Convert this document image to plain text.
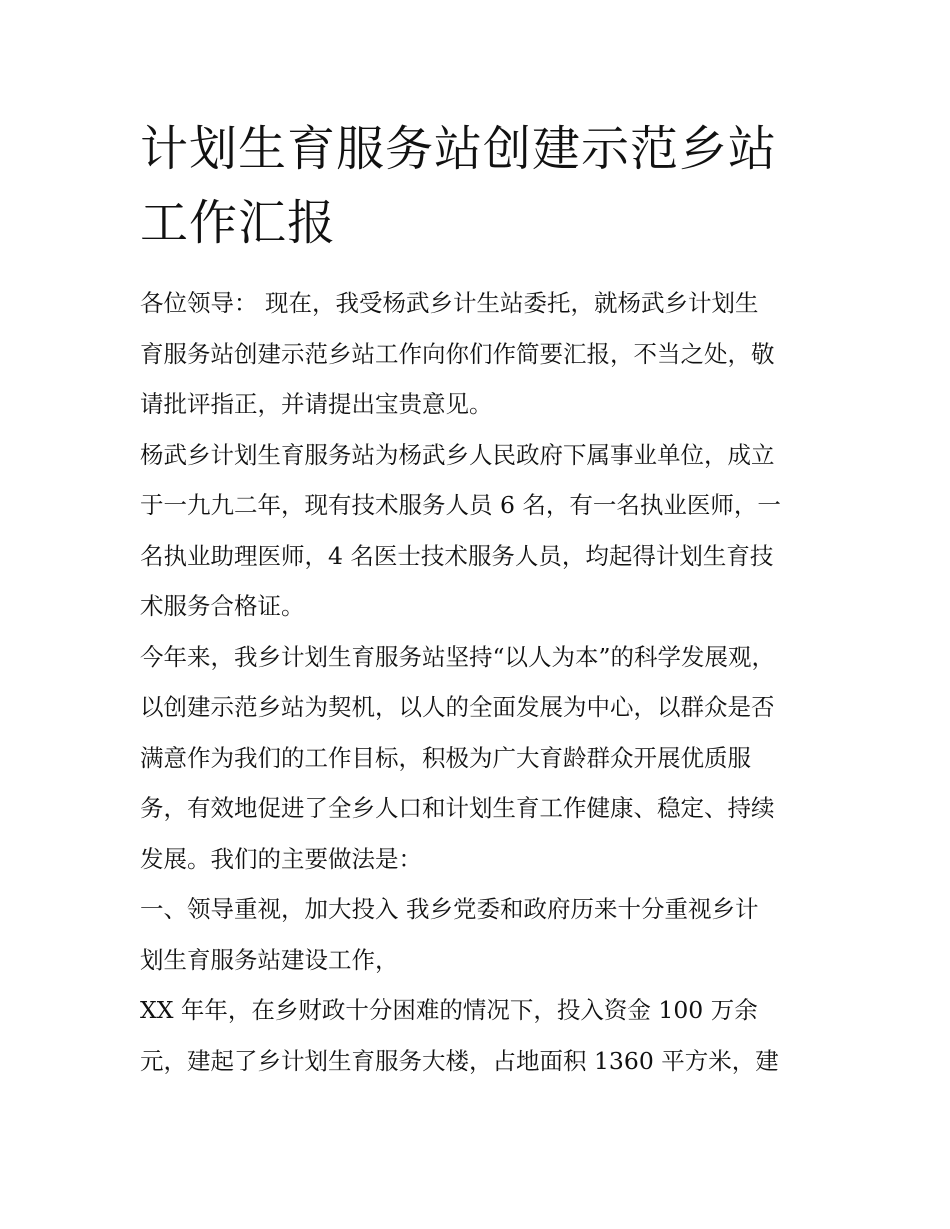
计划生育服务站创建示范乡站
工作汇报

各位领导： 现在，我受杨武乡计生站委托，就杨武乡计划生
育服务站创建示范乡站工作向你们作简要汇报，不当之处，敬
请批评指正，并请提出宝贵意见。

杨武乡计划生育服务站为杨武乡人民政府下属事业单位，成立
于一九九二年，现有技术服务人员 6 名，有一名执业医师，一
名执业助理医师，4 名医士技术服务人员，均起得计划生育技
术服务合格证。

今年来，我乡计划生育服务站坚持“以人为本”的科学发展观，
以创建示范乡站为契机，以人的全面发展为中心，以群众是否
满意作为我们的工作目标，积极为广大育龄群众开展优质服
务，有效地促进了全乡人口和计划生育工作健康、稳定、持续
发展。我们的主要做法是：

一、领导重视，加大投入 我乡党委和政府历来十分重视乡计
划生育服务站建设工作，

XX 年年，在乡财政十分困难的情况下，投入资金 100 万余
元，建起了乡计划生育服务大楼，占地面积 1360 平方米，建
